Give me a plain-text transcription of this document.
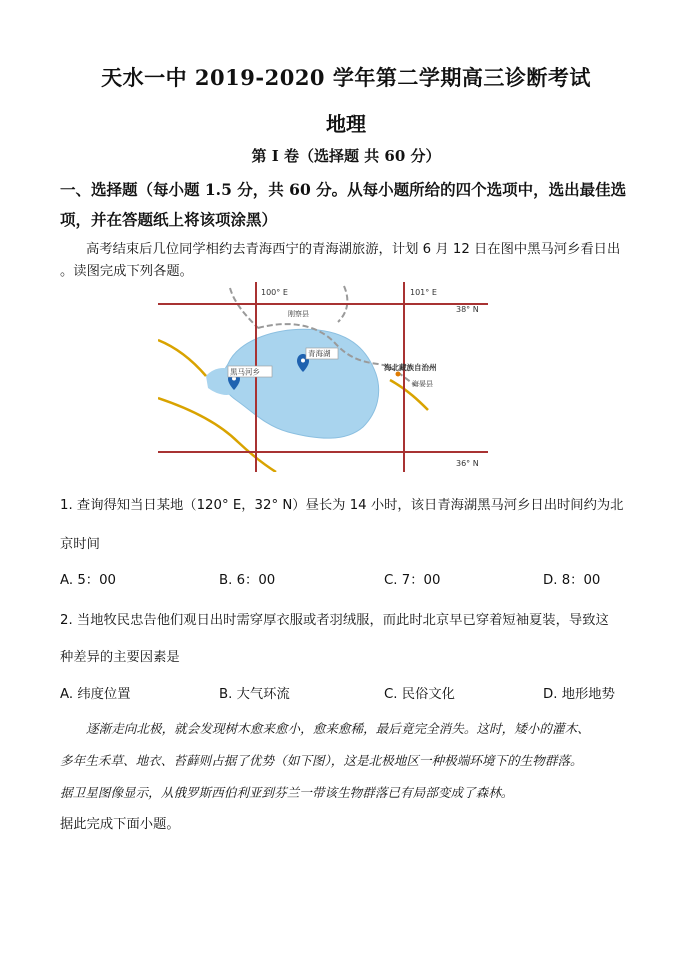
天水一中 2019-2020 学年第二学期高三诊断考试
地理
第 I 卷（选择题 共 60 分）
一、选择题（每小题 1.5 分，共 60 分。从每小题所给的四个选项中，选出最佳选
项，并在答题纸上将该项涂黑）
高考结束后几位同学相约去青海西宁的青海湖旅游，计划 6 月 12 日在图中黑马河乡看日出
。读图完成下列各题。
100° E	101° E
38° N
36° N
刚察县
青海湖
黑马河乡	海北藏族自治州
海晏县
1. 查询得知当日某地（120° E，32° N）昼长为 14 小时，该日青海湖黑马河乡日出时间约为北
京时间
A. 5：00	B. 6：00	C. 7：00	D. 8：00
2. 当地牧民忠告他们观日出时需穿厚衣服或者羽绒服，而此时北京早已穿着短袖夏装，导致这
种差异的主要因素是
A. 纬度位置	B. 大气环流	C. 民俗文化	D. 地形地势
逐渐走向北极，就会发现树木愈来愈小，愈来愈稀，最后竟完全消失。这时，矮小的灌木、
多年生禾草、地衣、苔藓则占据了优势（如下图），这是北极地区一种极端环境下的生物群落。
据卫星图像显示，从俄罗斯西伯利亚到芬兰一带该生物群落已有局部变成了森林。
据此完成下面小题。
